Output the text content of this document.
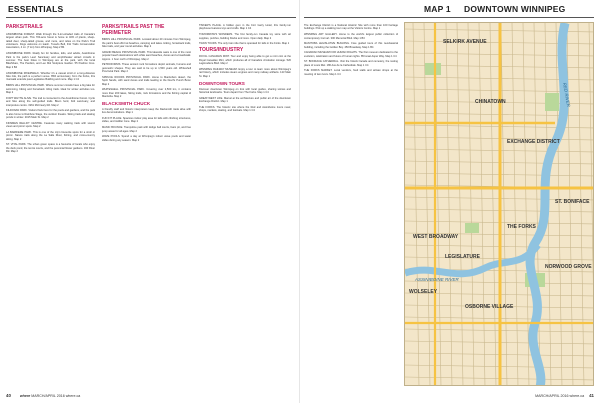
ESSENTIALS	MAP 1 DOWNTOWN WINNIPEG
PARKS/TRAILS

ASSINIBOINE FOREST. Walk through the 3-km-shaded trails of Canada's largest urban park. This 700-acre forest is home to 40% of plants, sharp-tailed deer, sharp-tailed grouse, and more, and relies on the Park's Trail volunteers. Dogs welcome on leash. Tuxedo Bell, 911 Trails Conservation Association, 4 mi. (7 km) from Winnipeg. Map 2 B4

ASSINIBOINE PARK. Really fun for families, kids, and adults, Assiniboine Park is the park's Leaf. Sanctuary and amphitheater attract crowds in summer. The best bikes in Winnipeg are at the park, with the local BikeShare, The Pavilion, and Leo Mol Sculpture Garden. 55 Pavilion Cres. Map 2 B4

ASSINIBOINE RIVERWALK. Whether it's a casual stroll or a long-distance bike ride, the path is a perfect venue. 85th anniversary, from the Forks, this riverwalk extends past Legislative Building and more. Map 1 C4

BIRDS HILL PROVINCIAL PARK. Where summer crowds have a big lake for swimming, biking and horseback riding trails. Ideal for winter activities too. Map 2

FORT WHYTE ALIVE. The trail is connected to the Assiniboine Forest. Cycle and hike along the self-guided trails. Bison herd, bird sanctuary, and interpretive centre. 1961 McCreary Rd. Map 2

KILDONAN PARK. Visitors flock here for the pools and gardens, and the park is also home to Rainbow Stage, the outdoor theatre. Skiing trails and skating ponds in winter. 2015 Main St. Map 2

KINSMEN REH-FIT CENTRE. Features many walking trails with scenic views and picnic spots. Map 2

LA BARRIERE PARK. This is one of the city's favourite spots for a stroll or picnic. Nature trails along the La Salle River, fishing, and cross-country skiing. Map 2

ST. VITAL PARK. The urban green space is a favourite of locals who enjoy the duck pond, the tennis courts, and the perennial flower gardens. 190 River Rd. Map 2

PARKS/TRAILS PAST THE PERIMETER

BIRDS HILL PROVINCIAL PARK. Located about 20 minutes from Winnipeg, the park's best effort at beaches, camping and lakes. Hiking, horseback trails, bike trails, and year round activities. Map 2

GRAND BEACH PROVINCIAL PARK. This lakeside oasis is one of the most popular beach destinations with white sand beaches, dunes and a boardwalk. Approx. 1 hour north of Winnipeg. Map 2

PETROFORMS. These ancient rock formations depict animals, humans and geometric shapes. They are said to be up to 1,500 years old. Whiteshell Provincial Park. Map 2

SPRUCE WOODS PROVINCIAL PARK. Home to Manitoba's desert, the Spirit Sands, with sand dunes and trails leading to the Devil's Punch Bowl. Map 2

WHITESHELL PROVINCIAL PARK. Covering over 2,500 km, it contains more than 200 lakes, hiking trails, rock formations and the fishing capital of Manitoba. Map 2

BLACKSMITH CHUCK

A friendly staff and historic interpreters keep the blacksmith trade alive with live demonstrations. Map 1

FUN FIT PLACE. Spacious indoor play area for kids with climbing structures, slides, and toddler zone. Map 2

MANIC BOUNCE. Trampoline park with dodge ball courts, foam pit, and free jump areas for all ages. Map 2

WAVE POOLS. Spend a day at Winnipeg's indoor wave pools and water slides during any season. Map 2

TINKER'S PLACE. A hidden gem in the Fort Garry Hotel, this family-run playhouse features toys and crafts. Map 1 C4

TOMORROW'S WONDERS. The first family-run Canada toy store with art supplies, puzzles, building blocks and more. Open daily. Map 2

TRAIN TOURS. The only train ride that is operated for kids in the Forks. Map 1

TOURS/INDUSTRY

ROYAL CANADIAN MINT. Tour and enjoy being able to get a mint coin at the Royal Canadian Mint, which produces all of Canada's circulation coinage. 520 Lagimodiere Blvd. Map 2

WINNIPEG RAILWAY MUSEUM. Enjoy a tour to learn more about Winnipeg's rail history, which includes steam engines and many railway artifacts. 123 Main St. Map 1

DOWNTOWN TOURS

Discover downtown Winnipeg on foot with local guides, sharing stories and historical landmarks. Tours depart from The Forks. Map 1 C4

GREAT-WEST LIFE. Marvel at the architecture and public art of the downtown Exchange District. Map 1

THE FORKS. The historic site where the Red and Assiniboine rivers meet; shops, markets, skating, and festivals. Map 1 C4

The Exchange District is a National Historic Site with more than 100 heritage buildings. Pick up a walking tour map at the Visitors Centre. Map 1

WINNIPEG ART GALLERY. Home to the world's largest public collection of contemporary Inuit art. 300 Memorial Blvd. Map 1 B3

MANITOBA LEGISLATIVE BUILDING. Free guided tours of this neoclassical building, including the Golden Boy. 450 Broadway. Map 1 B4

CANADIAN MUSEUM FOR HUMAN RIGHTS. The first museum dedicated to the evolution, celebration and future of human rights. 85 Israel Asper Way. Map 1 C4

ST. BONIFACE CATHEDRAL. Visit the historic facade and cemetery, the resting place of Louis Riel. 180 Ave de la Cathedrale. Map 1 C4

THE FORKS MARKET. Local vendors, food stalls and artisan shops at the meeting of two rivers. Map 1 C4

SELKIRK AVENUE
CHINATOWN
EXCHANGE DISTRICT
WEST BROADWAY
OSBORNE VILLAGE
THE FORKS
ST. BONIFACE
NORWOOD GROVE
WOLSELEY
LEGISLATURE
RED RIVER
ASSINIBOINE RIVER
40	where MARCH/APRIL 2016 where.ca	MARCH/APRIL 2016 where.ca 41
